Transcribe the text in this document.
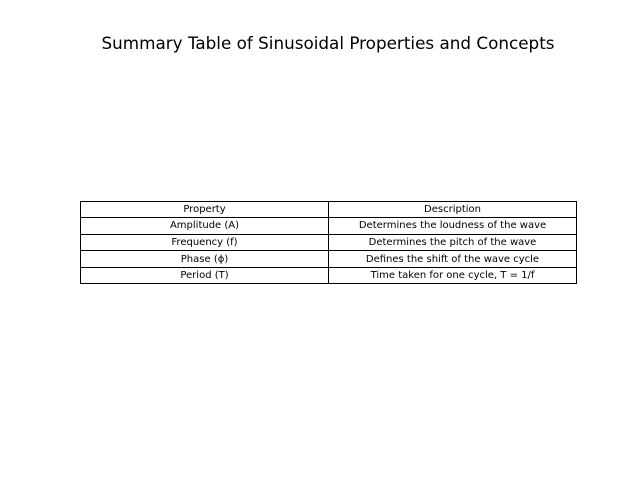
Summary Table of Sinusoidal Properties and Concepts
Property	Description
Amplitude (A)	Determines the loudness of the wave
Frequency (f)	Determines the pitch of the wave
Phase (ϕ)	Defines the shift of the wave cycle
Period (T)	Time taken for one cycle, T = 1/f
